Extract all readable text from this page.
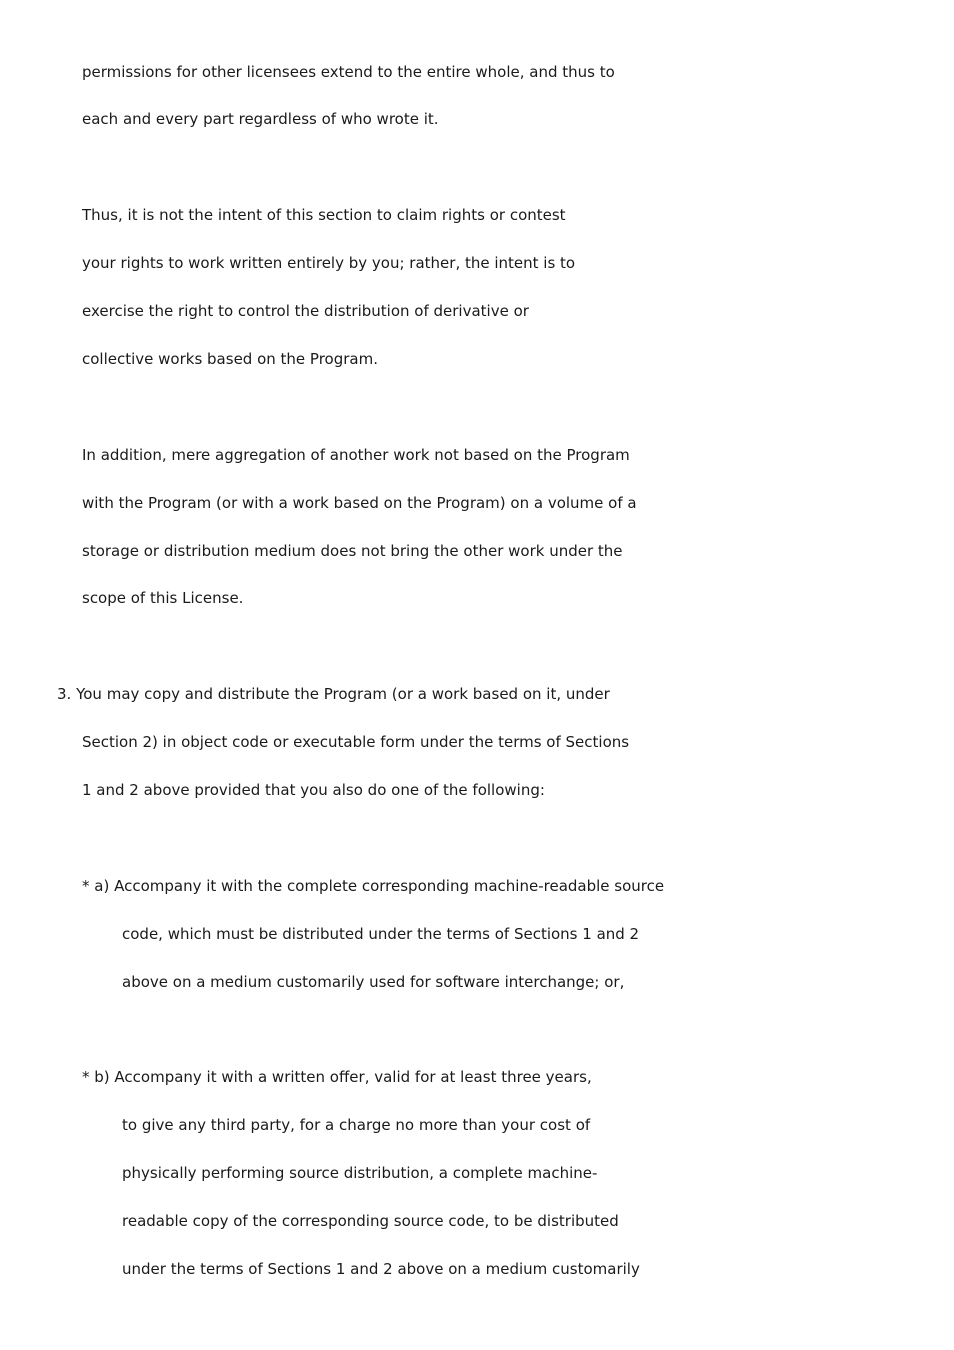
permissions for other licensees extend to the entire whole, and thus to
each and every part regardless of who wrote it.
Thus, it is not the intent of this section to claim rights or contest
your rights to work written entirely by you; rather, the intent is to
exercise the right to control the distribution of derivative or
collective works based on the Program.
In addition, mere aggregation of another work not based on the Program
with the Program (or with a work based on the Program) on a volume of a
storage or distribution medium does not bring the other work under the
scope of this License.
3. You may copy and distribute the Program (or a work based on it, under
Section 2) in object code or executable form under the terms of Sections
1 and 2 above provided that you also do one of the following:
* a) Accompany it with the complete corresponding machine-readable source
code, which must be distributed under the terms of Sections 1 and 2
above on a medium customarily used for software interchange; or,
* b) Accompany it with a written offer, valid for at least three years,
to give any third party, for a charge no more than your cost of
physically performing source distribution, a complete machine-
readable copy of the corresponding source code, to be distributed
under the terms of Sections 1 and 2 above on a medium customarily
